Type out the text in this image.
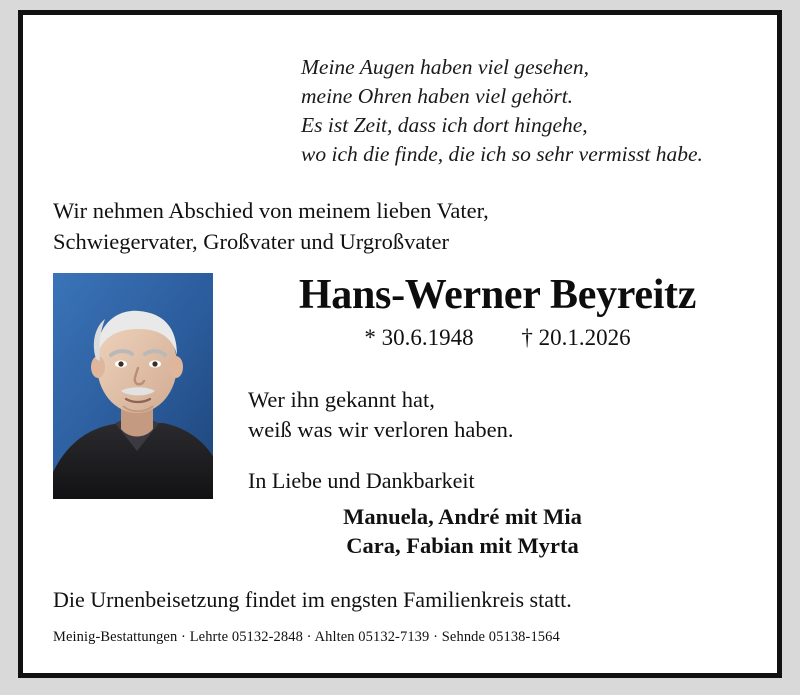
Meine Augen haben viel gesehen,
meine Ohren haben viel gehört.
Es ist Zeit, dass ich dort hingehe,
wo ich die finde, die ich so sehr vermisst habe.
Wir nehmen Abschied von meinem lieben Vater,
Schwiegervater, Großvater und Urgroßvater
Hans-Werner Beyreitz
* 30.6.1948 † 20.1.2026
Wer ihn gekannt hat,
weiß was wir verloren haben.
In Liebe und Dankbarkeit
Manuela, André mit Mia
Cara, Fabian mit Myrta
Die Urnenbeisetzung findet im engsten Familienkreis statt.
Meinig-Bestattungen · Lehrte 05132-2848 · Ahlten 05132-7139 · Sehnde 05138-1564
